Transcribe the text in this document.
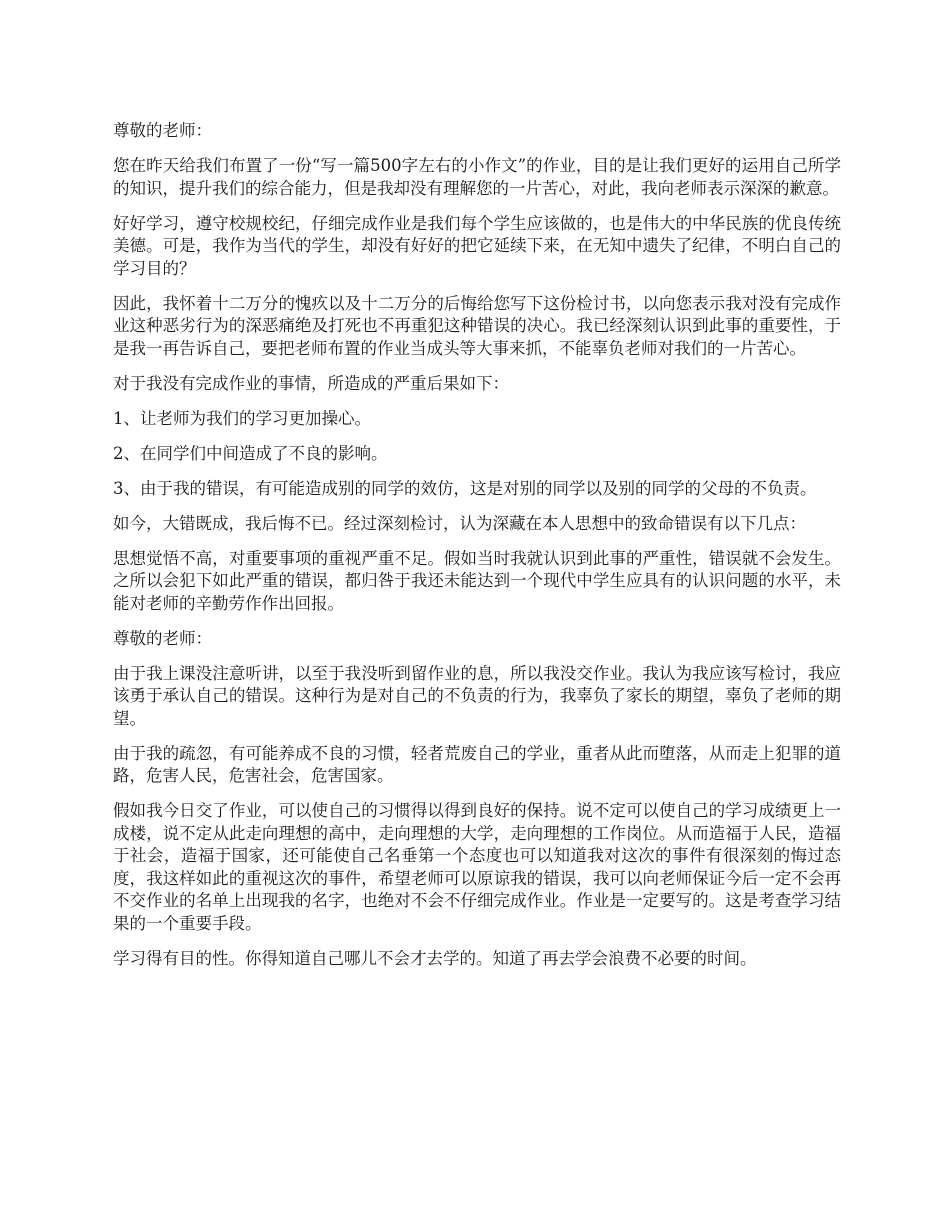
尊敬的老师：

您在昨天给我们布置了一份“写一篇500字左右的小作文”的作业，目的是让我们更好的运用自己所学的知识，提升我们的综合能力，但是我却没有理解您的一片苦心，对此，我向老师表示深深的歉意。

好好学习，遵守校规校纪，仔细完成作业是我们每个学生应该做的，也是伟大的中华民族的优良传统美德。可是，我作为当代的学生，却没有好好的把它延续下来，在无知中遗失了纪律，不明白自己的学习目的？

因此，我怀着十二万分的愧疚以及十二万分的后悔给您写下这份检讨书，以向您表示我对没有完成作业这种恶劣行为的深恶痛绝及打死也不再重犯这种错误的决心。我已经深刻认识到此事的重要性，于是我一再告诉自己，要把老师布置的作业当成头等大事来抓，不能辜负老师对我们的一片苦心。

对于我没有完成作业的事情，所造成的严重后果如下：

1、让老师为我们的学习更加操心。

2、在同学们中间造成了不良的影响。

3、由于我的错误，有可能造成别的同学的效仿，这是对别的同学以及别的同学的父母的不负责。

如今，大错既成，我后悔不已。经过深刻检讨，认为深藏在本人思想中的致命错误有以下几点：

思想觉悟不高，对重要事项的重视严重不足。假如当时我就认识到此事的严重性，错误就不会发生。之所以会犯下如此严重的错误，都归咎于我还未能达到一个现代中学生应具有的认识问题的水平，未能对老师的辛勤劳作作出回报。

尊敬的老师：

由于我上课没注意听讲，以至于我没听到留作业的息，所以我没交作业。我认为我应该写检讨，我应该勇于承认自己的错误。这种行为是对自己的不负责的行为，我辜负了家长的期望，辜负了老师的期望。

由于我的疏忽，有可能养成不良的习惯，轻者荒废自己的学业，重者从此而堕落，从而走上犯罪的道路，危害人民，危害社会，危害国家。

假如我今日交了作业，可以使自己的习惯得以得到良好的保持。说不定可以使自己的学习成绩更上一成楼，说不定从此走向理想的高中，走向理想的大学，走向理想的工作岗位。从而造福于人民，造福于社会，造福于国家，还可能使自己名垂第一个态度也可以知道我对这次的事件有很深刻的悔过态度，我这样如此的重视这次的事件，希望老师可以原谅我的错误，我可以向老师保证今后一定不会再不交作业的名单上出现我的名字，也绝对不会不仔细完成作业。作业是一定要写的。这是考查学习结果的一个重要手段。

学习得有目的性。你得知道自己哪儿不会才去学的。知道了再去学会浪费不必要的时间。
